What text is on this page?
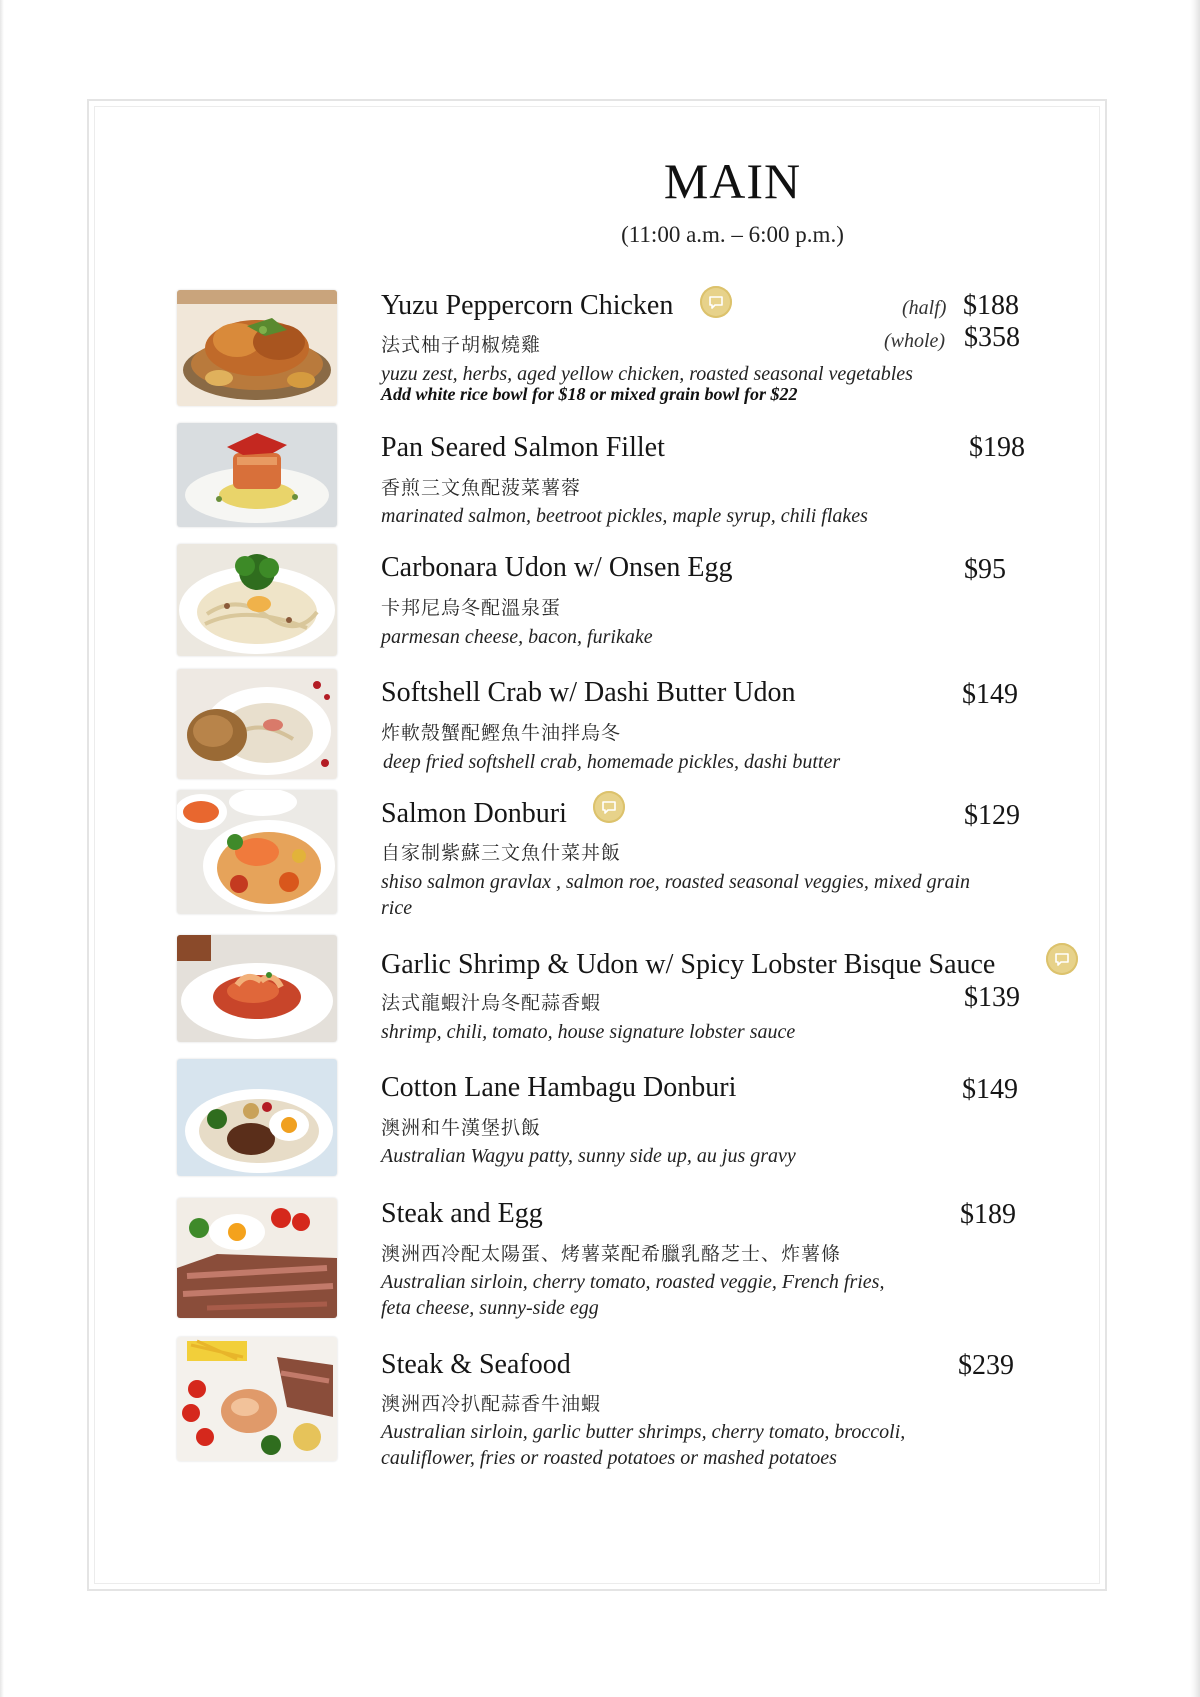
MAIN
(11:00 a.m. – 6:00 p.m.)
Yuzu Peppercorn Chicken
法式柚子胡椒燒雞
(half) $188
(whole) $358
yuzu zest, herbs, aged yellow chicken, roasted seasonal vegetables
Add white rice bowl for $18 or mixed grain bowl for $22
Pan Seared Salmon Fillet
香煎三文魚配菠菜薯蓉
$198
marinated salmon, beetroot pickles, maple syrup, chili flakes
Carbonara Udon w/ Onsen Egg
卡邦尼烏冬配溫泉蛋
$95
parmesan cheese, bacon, furikake
Softshell Crab w/ Dashi Butter Udon
炸軟殼蟹配鰹魚牛油拌烏冬
$149
deep fried softshell crab, homemade pickles, dashi butter
Salmon Donburi
自家制紫蘇三文魚什菜丼飯
$129
shiso salmon gravlax , salmon roe, roasted seasonal veggies, mixed grain rice
Garlic Shrimp & Udon w/ Spicy Lobster Bisque Sauce
法式龍蝦汁烏冬配蒜香蝦	$139
shrimp, chili, tomato, house signature lobster sauce
Cotton Lane Hambagu Donburi
澳洲和牛漢堡扒飯
$149
Australian Wagyu patty, sunny side up, au jus gravy
Steak and Egg
澳洲西冷配太陽蛋、烤薯菜配希臘乳酪芝士、炸薯條
$189
Australian sirloin, cherry tomato, roasted veggie, French fries, feta cheese, sunny-side egg
Steak & Seafood
澳洲西冷扒配蒜香牛油蝦
$239
Australian sirloin, garlic butter shrimps, cherry tomato, broccoli, cauliflower, fries or roasted potatoes or mashed potatoes
